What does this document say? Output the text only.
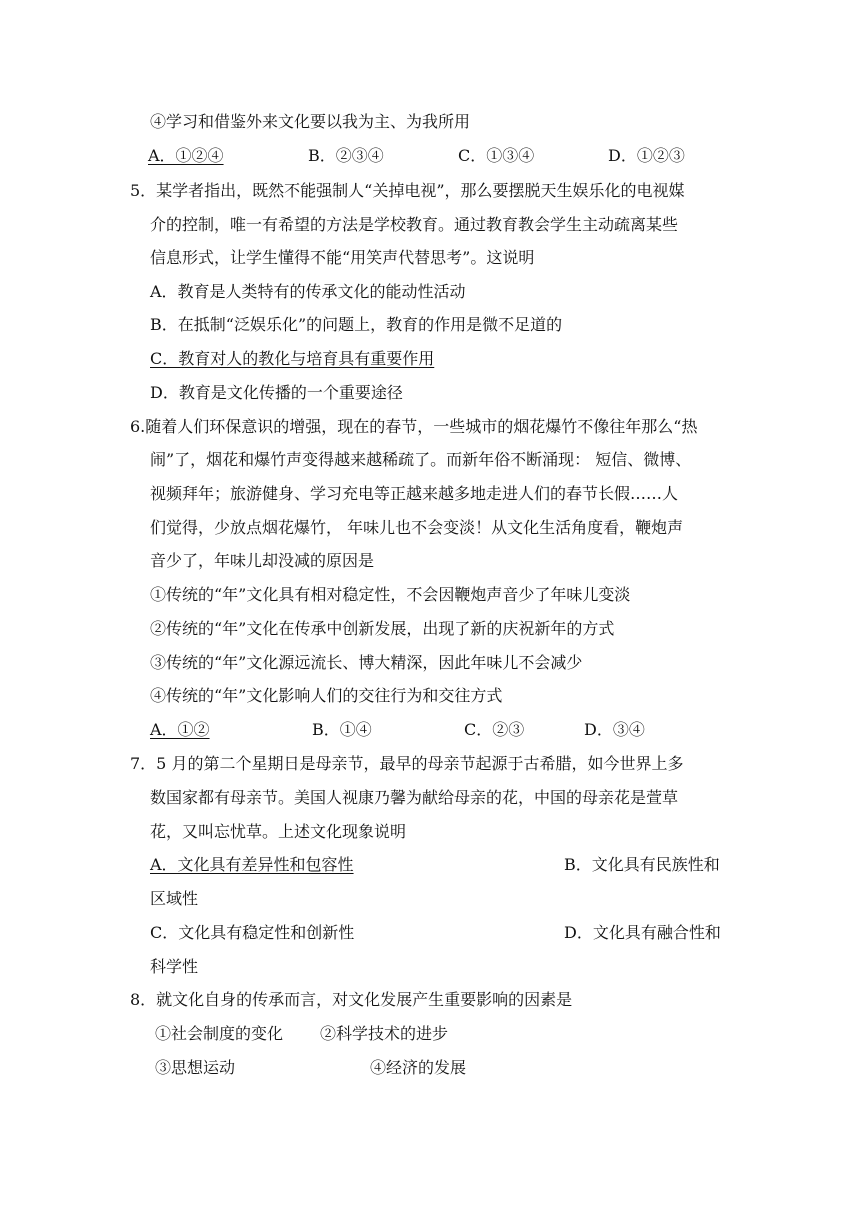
④学习和借鉴外来文化要以我为主、为我所用
A．①②④	B．②③④	C．①③④	D．①②③
5．某学者指出，既然不能强制人“关掉电视”，那么要摆脱天生娱乐化的电视媒
介的控制，唯一有希望的方法是学校教育。通过教育教会学生主动疏离某些
信息形式，让学生懂得不能“用笑声代替思考”。这说明
A．教育是人类特有的传承文化的能动性活动
B．在抵制“泛娱乐化”的问题上，教育的作用是微不足道的
C．教育对人的教化与培育具有重要作用
D．教育是文化传播的一个重要途径
6.随着人们环保意识的增强，现在的春节，一些城市的烟花爆竹不像往年那么“热
闹”了，烟花和爆竹声变得越来越稀疏了。而新年俗不断涌现： 短信、微博、
视频拜年；旅游健身、学习充电等正越来越多地走进人们的春节长假……人
们觉得，少放点烟花爆竹， 年味儿也不会变淡！从文化生活角度看，鞭炮声
音少了，年味儿却没减的原因是
①传统的“年”文化具有相对稳定性，不会因鞭炮声音少了年味儿变淡
②传统的“年”文化在传承中创新发展，出现了新的庆祝新年的方式
③传统的“年”文化源远流长、博大精深，因此年味儿不会减少
④传统的“年”文化影响人们的交往行为和交往方式
A．①②	B．①④	C．②③	D．③④
7．5 月的第二个星期日是母亲节，最早的母亲节起源于古希腊，如今世界上多
数国家都有母亲节。美国人视康乃馨为献给母亲的花，中国的母亲花是萱草
花，又叫忘忧草。上述文化现象说明
A．文化具有差异性和包容性	B．文化具有民族性和
区域性
C．文化具有稳定性和创新性	D．文化具有融合性和
科学性
8．就文化自身的传承而言，对文化发展产生重要影响的因素是
①社会制度的变化 ②科学技术的进步
③思想运动	④经济的发展
